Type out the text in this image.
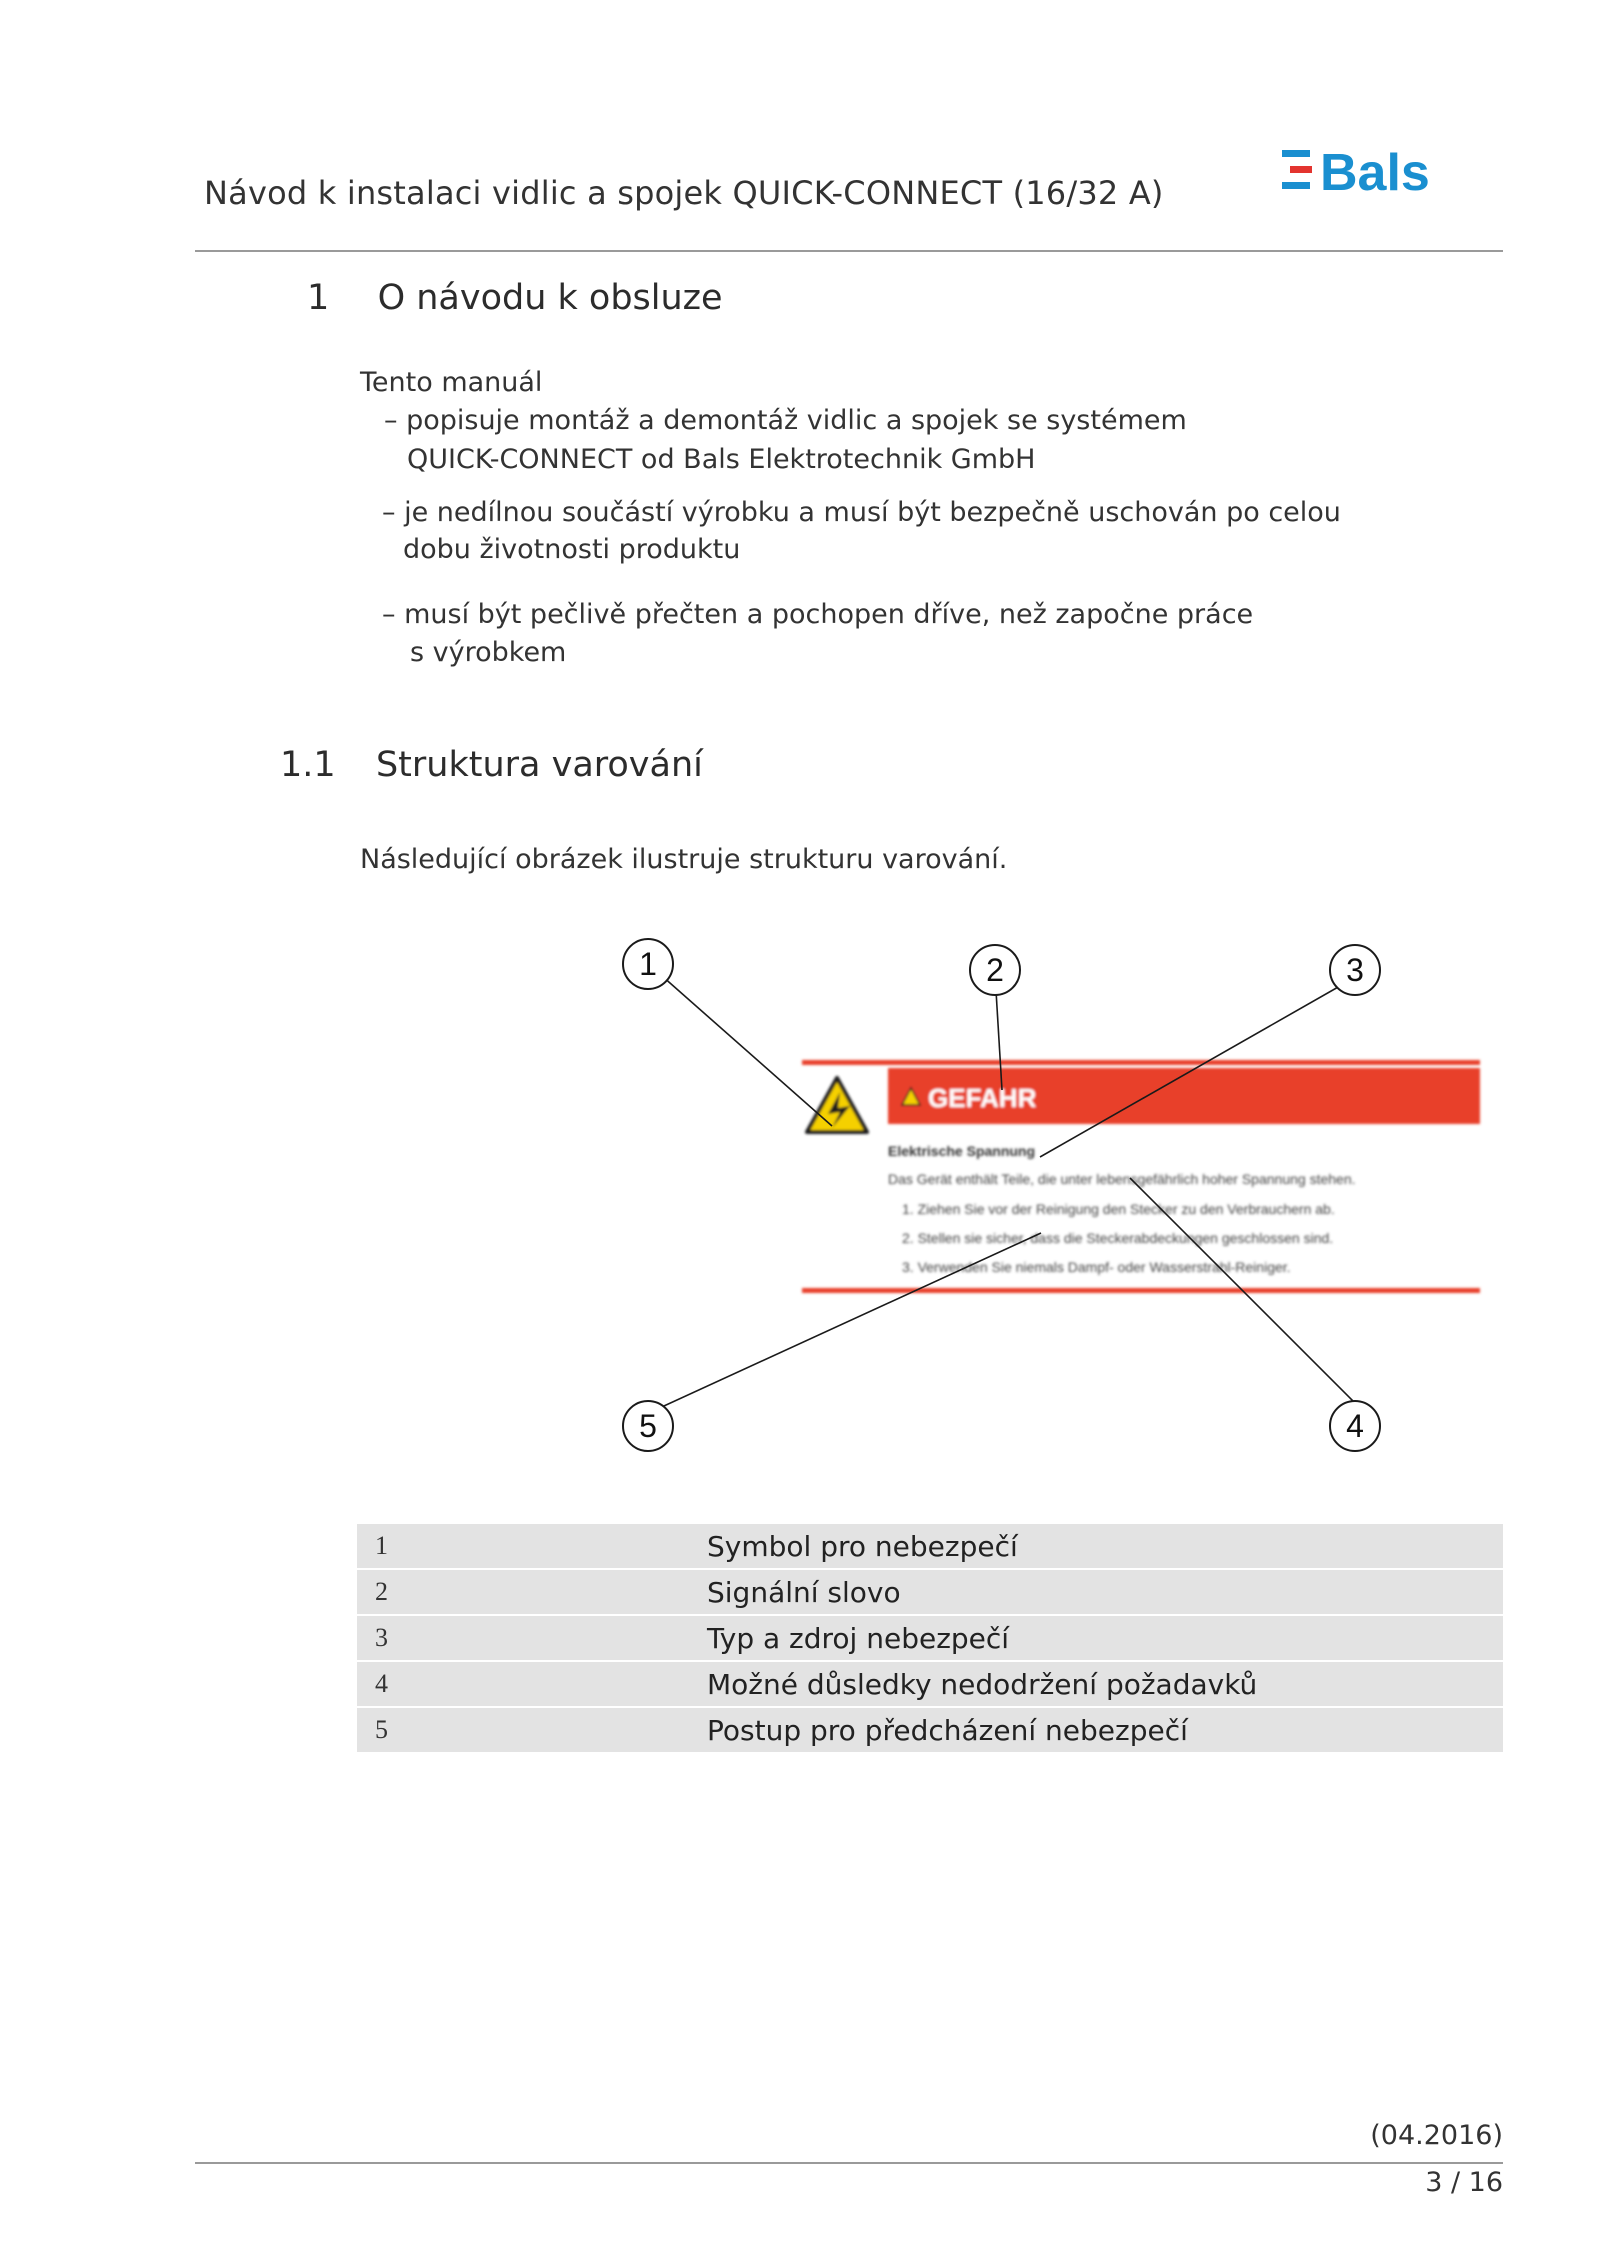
Návod k instalaci vidlic a spojek QUICK-CONNECT (16/32 A)	Bals
1 O návodu k obsluze
Tento manuál
– popisuje montáž a demontáž vidlic a spojek se systémem
QUICK-CONNECT od Bals Elektrotechnik GmbH
– je nedílnou součástí výrobku a musí být bezpečně uschován po celou
dobu životnosti produktu
– musí být pečlivě přečten a pochopen dříve, než započne práce
s výrobkem
1.1 Struktura varování
Následující obrázek ilustruje strukturu varování.
GEFAHR
Elektrische Spannung
Das Gerät enthält Teile, die unter lebensgefährlich hoher Spannung stehen.
1. Ziehen Sie vor der Reinigung den Stecker zu den Verbrauchern ab.
2. Stellen sie sicher, dass die Steckerabdeckungen geschlossen sind.
3. Verwenden Sie niemals Dampf- oder Wasserstrahl-Reiniger.
1	2	3
4
5
1	Symbol pro nebezpečí
2	Signální slovo
3	Typ a zdroj nebezpečí
4	Možné důsledky nedodržení požadavků
5	Postup pro předcházení nebezpečí
(04.2016)
3 / 16
